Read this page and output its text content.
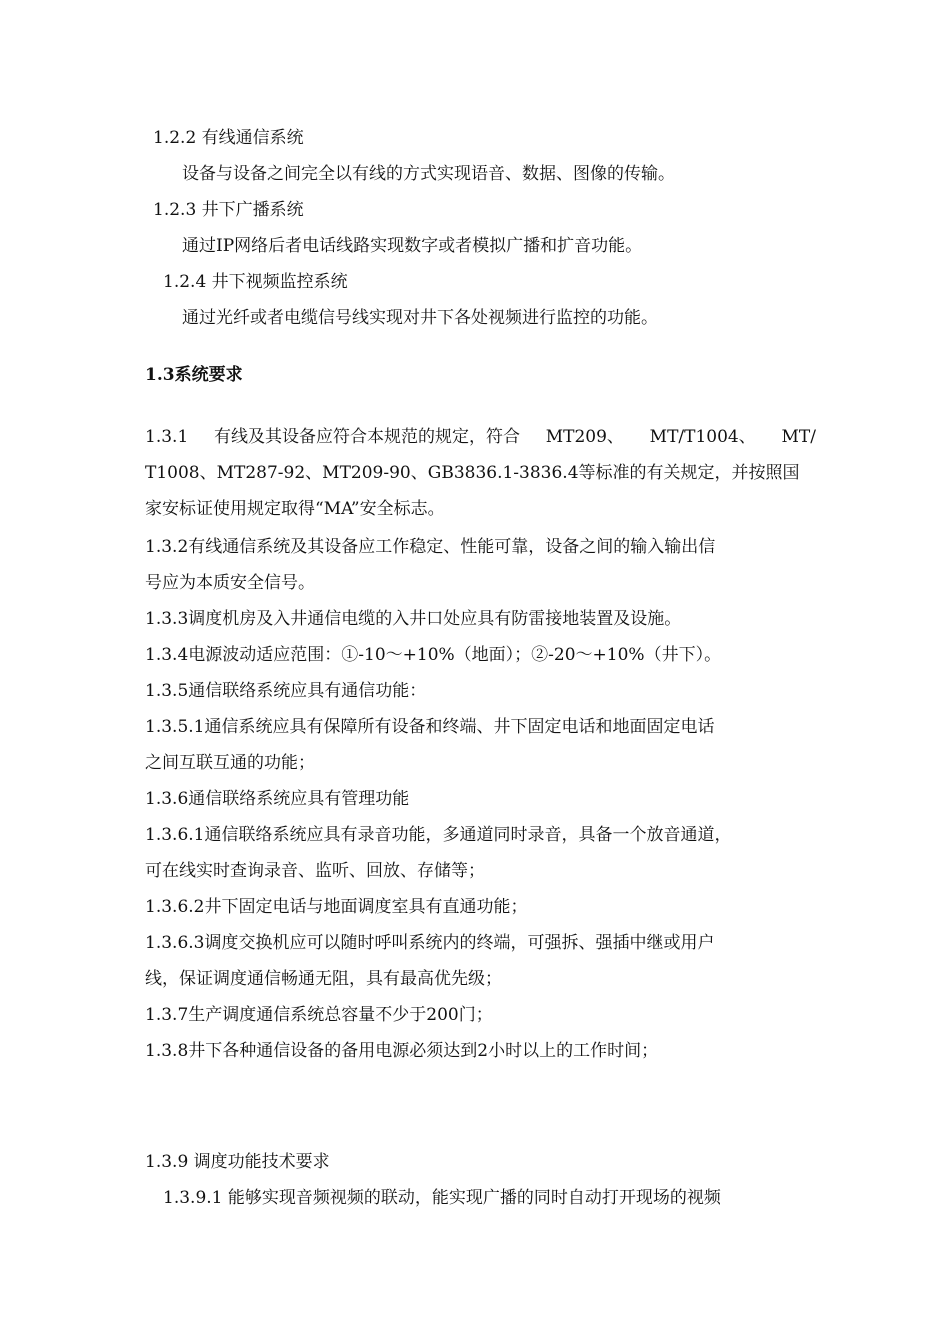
1.2.2 有线通信系统
设备与设备之间完全以有线的方式实现语音、数据、图像的传输。
1.2.3 井下广播系统
通过IP网络后者电话线路实现数字或者模拟广播和扩音功能。
1.2.4 井下视频监控系统
通过光纤或者电缆信号线实现对井下各处视频进行监控的功能。
1.3系统要求
1.3.1 有线及其设备应符合本规范的规定，符合 MT209、 MT/T1004、 MT/
T1008、MT287-92、MT209-90、GB3836.1-3836.4等标准的有关规定，并按照国
家安标证使用规定取得“MA”安全标志。
1.3.2有线通信系统及其设备应工作稳定、性能可靠，设备之间的输入输出信
号应为本质安全信号。
1.3.3调度机房及入井通信电缆的入井口处应具有防雷接地装置及设施。
1.3.4电源波动适应范围：①-10～+10%（地面）；②-20～+10%（井下）。
1.3.5通信联络系统应具有通信功能：
1.3.5.1通信系统应具有保障所有设备和终端、井下固定电话和地面固定电话
之间互联互通的功能；
1.3.6通信联络系统应具有管理功能
1.3.6.1通信联络系统应具有录音功能，多通道同时录音，具备一个放音通道，
可在线实时查询录音、监听、回放、存储等；
1.3.6.2井下固定电话与地面调度室具有直通功能；
1.3.6.3调度交换机应可以随时呼叫系统内的终端，可强拆、强插中继或用户
线，保证调度通信畅通无阻，具有最高优先级；
1.3.7生产调度通信系统总容量不少于200门；
1.3.8井下各种通信设备的备用电源必须达到2小时以上的工作时间；
1.3.9 调度功能技术要求
1.3.9.1 能够实现音频视频的联动，能实现广播的同时自动打开现场的视频
